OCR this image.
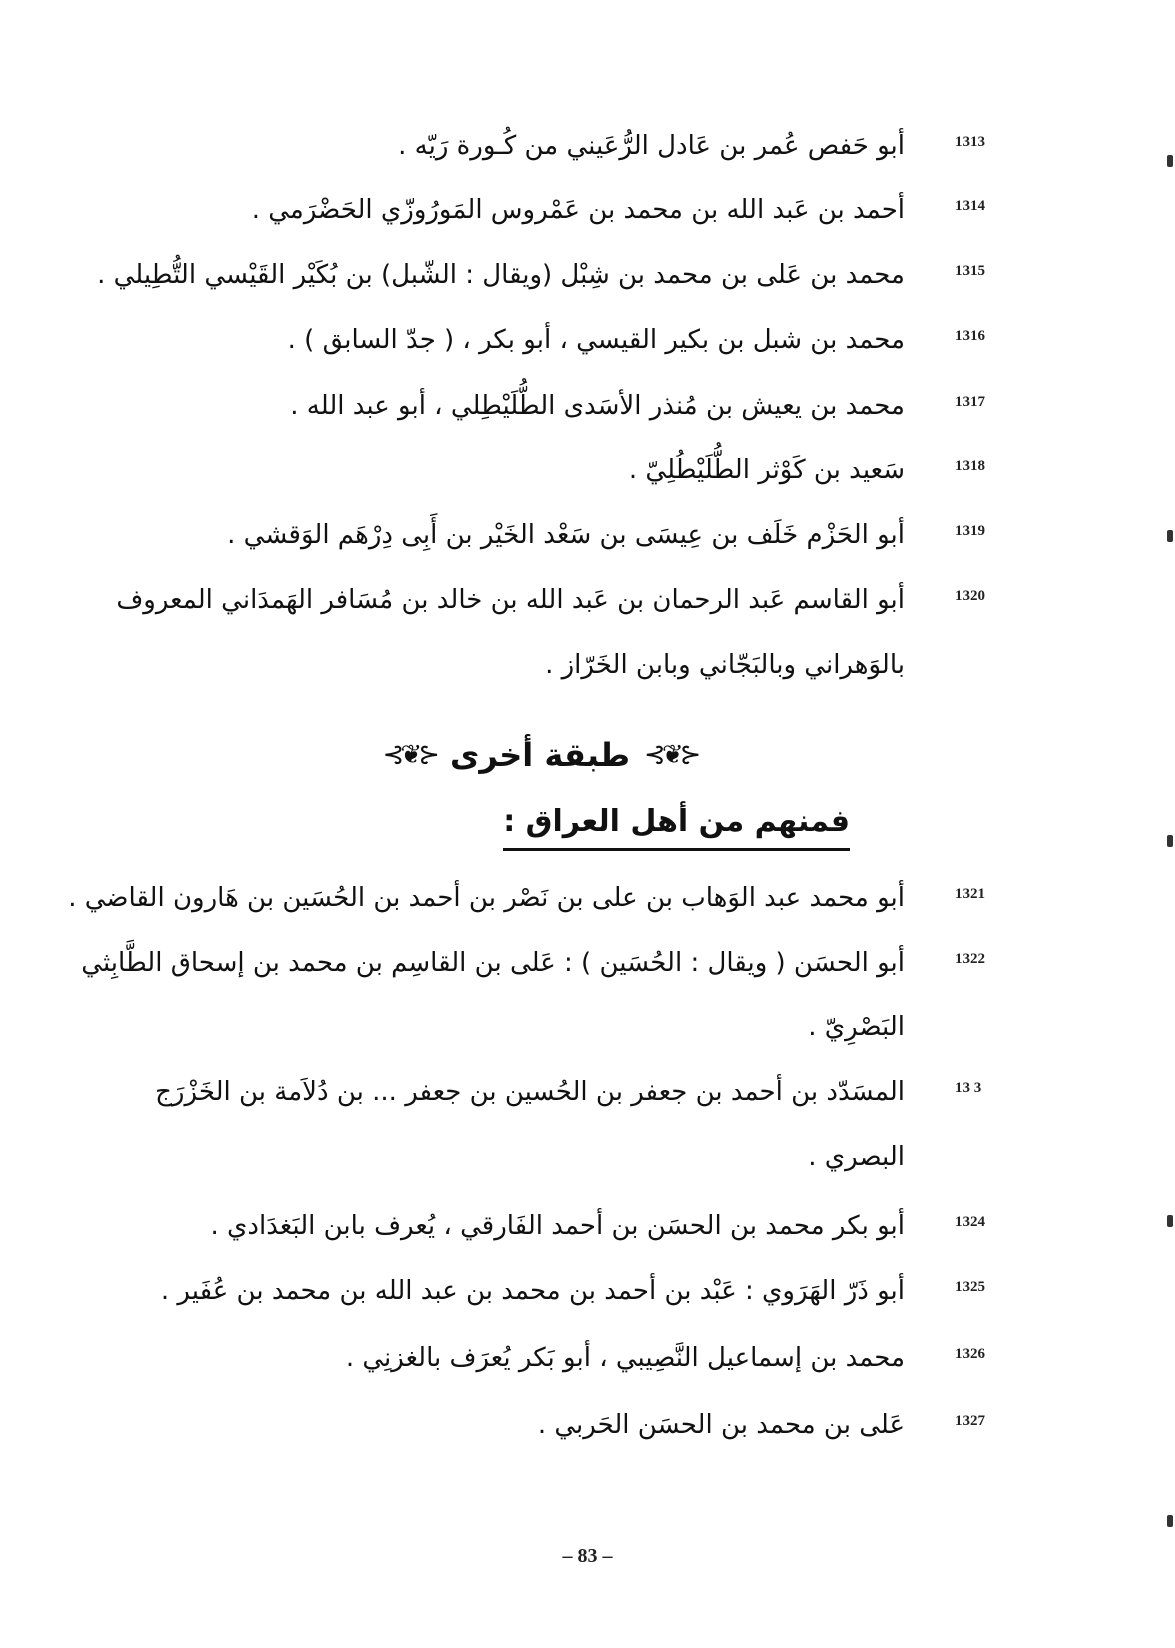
1313
أبو حَفص عُمر بن عَادل الرُّعَيني من كُـورة رَيّه .
1314
أحمد بن عَبد الله بن محمد بن عَمْروس المَورُوزّي الحَضْرَمي .
1315
محمد بن عَلى بن محمد بن شِبْل (ويقال : الشّبل) بن بُكَيْر القَيْسي التُّطِيلي .
1316
محمد بن شبل بن بكير القيسي ، أبو بكر ، ( جدّ السابق ) .
1317
محمد بن يعيش بن مُنذر الأسَدى الطُّلَيْطِلي ، أبو عبد الله .
1318
سَعيد بن كَوْثر الطُّلَيْطُلِيّ .
1319
أبو الحَزْم خَلَف بن عِيسَى بن سَعْد الخَيْر بن أَبِى دِرْهَم الوَقشي .
1320
أبو القاسم عَبد الرحمان بن عَبد الله بن خالد بن مُسَافر الهَمدَاني المعروف
بالوَهراني وبالبَجّاني وبابن الخَرّاز .
⊰❦⊱
طبقة أخرى
⊰❦⊱
فمنهم من أهل العراق :
1321
أبو محمد عبد الوَهاب بن على بن نَصْر بن أحمد بن الحُسَين بن هَارون القاضي .
1322
أبو الحسَن ( ويقال : الحُسَين ) : عَلى بن القاسِم بن محمد بن إسحاق الطَّابِثي
البَصْرِيّ .
13 3
المسَدّد بن أحمد بن جعفر بن الحُسين بن جعفر ... بن دُلاَمة بن الخَزْرَج
البصري .
1324
أبو بكر محمد بن الحسَن بن أحمد الفَارقي ، يُعرف بابن البَغدَادي .
1325
أبو ذَرّ الهَرَوي : عَبْد بن أحمد بن محمد بن عبد الله بن محمد بن عُفَير .
1326
محمد بن إسماعيل النَّصِيبي ، أبو بَكر يُعرَف بالغزنِي .
1327
عَلى بن محمد بن الحسَن الحَربي .
– 83 –
